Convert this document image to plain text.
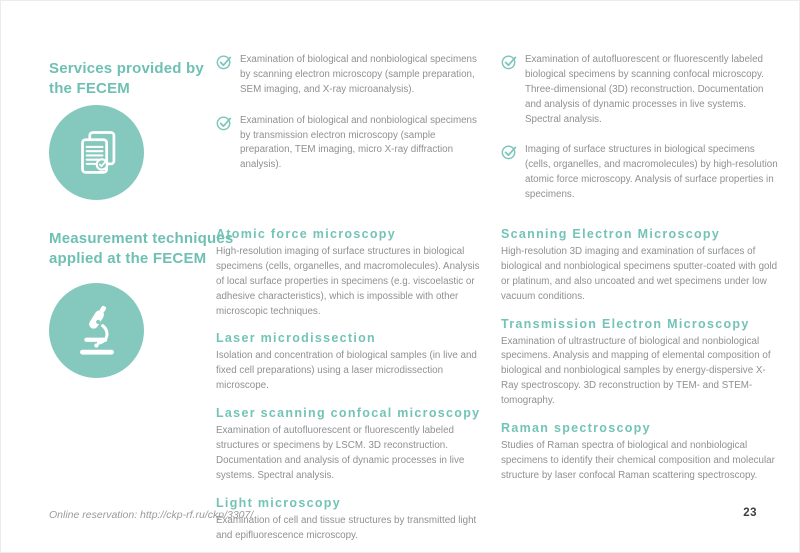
Services provided by the FECEM

Examination of biological and nonbiological specimens by scanning electron microscopy (sample preparation, SEM imaging, and X-ray microanalysis).

Examination of biological and nonbiological specimens by transmission electron microscopy (sample preparation, TEM imaging, micro X-ray diffraction analysis).

Examination of autofluorescent or fluorescently labeled biological specimens by scanning confocal microscopy. Three-dimensional (3D) reconstruction. Documentation and analysis of dynamic processes in live systems. Spectral analysis.

Imaging of surface structures in biological specimens (cells, organelles, and macromolecules) by high-resolution atomic force microscopy. Analysis of surface properties in specimens.

Measurement techniques applied at the FECEM
Atomic force microscopy

High-resolution imaging of surface structures in biological specimens (cells, organelles, and macromolecules). Analysis of local surface properties in specimens (e.g. viscoelastic or adhesive characteristics), which is impossible with other microscopic techniques.

Laser microdissection

Isolation and concentration of biological samples (in live and fixed cell preparations) using a laser microdissection microscope.

Laser scanning confocal microscopy

Examination of autofluorescent or fluorescently labeled structures or specimens by LSCM. 3D reconstruction. Documentation and analysis of dynamic processes in live systems. Spectral analysis.

Light microscopy

Examination of cell and tissue structures by transmitted light and epifluorescence microscopy.

Scanning Electron Microscopy

High-resolution 3D imaging and examination of surfaces of biological and nonbiological specimens sputter-coated with gold or platinum, and also uncoated and wet specimens under low vacuum conditions.

Transmission Electron Microscopy

Examination of ultrastructure of biological and nonbiological specimens. Analysis and mapping of elemental composition of biological and nonbiological samples by energy-dispersive X-Ray spectroscopy. 3D reconstruction by TEM- and STEM-tomography.

Raman spectroscopy

Studies of Raman spectra of biological and nonbiological specimens to identify their chemical composition and molecular structure by laser confocal Raman scattering spectroscopy.

Online reservation: http://ckp-rf.ru/ckp/3307/	23
